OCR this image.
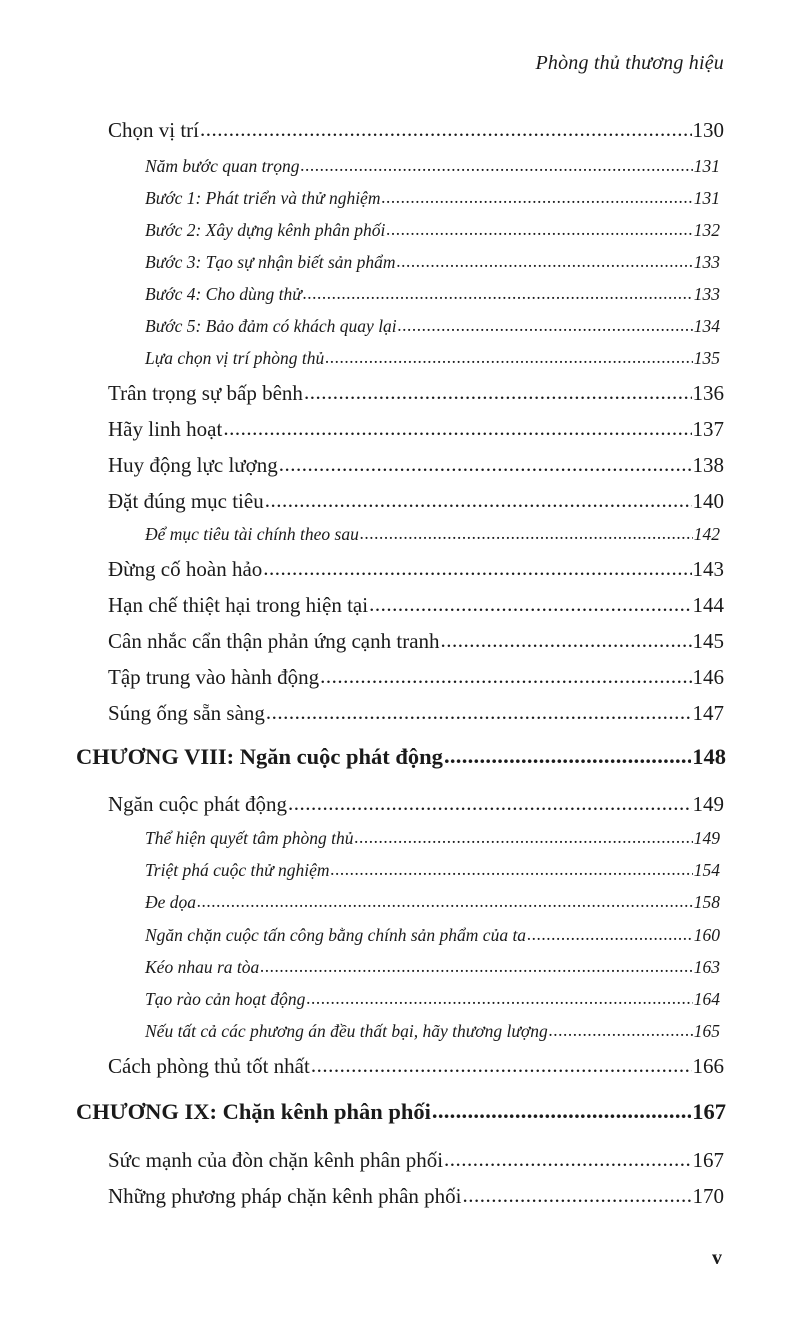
Phòng thủ thương hiệu
Chọn vị trí .....	130
Năm bước quan trọng .....	131
Bước 1: Phát triển và thử nghiệm .....	131
Bước 2: Xây dựng kênh phân phối .....	132
Bước 3: Tạo sự nhận biết sản phẩm .....	133
Bước 4: Cho dùng thử .....	133
Bước 5: Bảo đảm có khách quay lại .....	134
Lựa chọn vị trí phòng thủ .....	135
Trân trọng sự bấp bênh .....	136
Hãy linh hoạt .....	137
Huy động lực lượng .....	138
Đặt đúng mục tiêu .....	140
Để mục tiêu tài chính theo sau .....	142
Đừng cố hoàn hảo .....	143
Hạn chế thiệt hại trong hiện tại .....	144
Cân nhắc cẩn thận phản ứng cạnh tranh .....	145
Tập trung vào hành động .....	146
Súng ống sẵn sàng .....	147
CHƯƠNG VIII: Ngăn cuộc phát động .....	148
Ngăn cuộc phát động .....	149
Thể hiện quyết tâm phòng thủ .....	149
Triệt phá cuộc thử nghiệm .....	154
Đe dọa .....	158
Ngăn chặn cuộc tấn công bằng chính sản phẩm của ta .....	160
Kéo nhau ra tòa .....	163
Tạo rào cản hoạt động .....	164
Nếu tất cả các phương án đều thất bại, hãy thương lượng .....	165
Cách phòng thủ tốt nhất .....	166
CHƯƠNG IX: Chặn kênh phân phối .....	167
Sức mạnh của đòn chặn kênh phân phối .....	167
Những phương pháp chặn kênh phân phối .....	170
v
